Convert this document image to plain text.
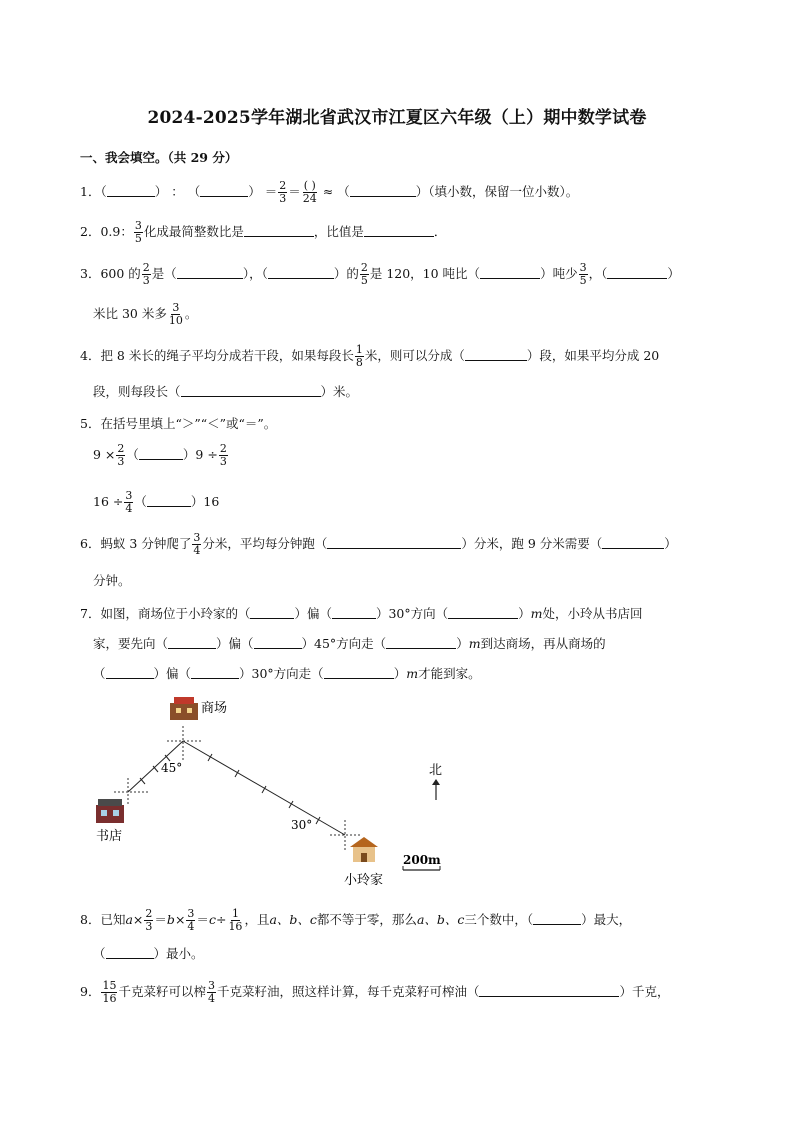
2024-2025学年湖北省武汉市江夏区六年级（上）期中数学试卷
一、我会填空。（共 29 分）
1．（	） ： （	） ＝ $\frac{2}{3}$ ＝ ( )
24 ≈ （	）（填小数，保留一位小数）。
2．0.9： $\frac{3}{5}$ 化成最简整数比是	，比值是	．
3．600 的 $\frac{2}{3}$ 是（	），（	）的 $\frac{2}{5}$ 是 120，10 吨比（	）吨少 $\frac{3}{5}$ ，（	）
米比 30 米多 $\frac{3}{10}$ 。
4．把 8 米长的绳子平均分成若干段，如果每段长 $\frac{1}{8}$ 米，则可以分成（	）段，如果平均分成 20
段，则每段长（	）米。
5．在括号里填上“＞”“＜”或“＝”。
$9 \times \frac{2}{3}$ （	）$9 \div \frac{2}{3}$
$16 \div \frac{3}{4}$ （	）16
6．蚂蚁 3 分钟爬了 $\frac{3}{4}$ 分米，平均每分钟跑（	）分米，跑 9 分米需要（	）
分钟。
7．如图，商场位于小玲家的（	）偏（	）30°方向（	）m处，小玲从书店回
家，要先向（	）偏（	）45°方向走（	）m到达商场，再从商场的
（	）偏（	）30°方向走（	）m才能到家。
商场
45°
30°
书店
小玲家
北
200m
8．已知$a\times \frac{2}{3} =b\times \frac{3}{4} =c\div \frac{1}{16}$ ，且a、b、c都不等于零，那么a、b、c三个数中，（	）最大，
（	）最小。
9． $\frac{15}{16}$ 千克菜籽可以榨 $\frac{3}{4}$ 千克菜籽油，照这样计算，每千克菜籽可榨油（	）千克，
